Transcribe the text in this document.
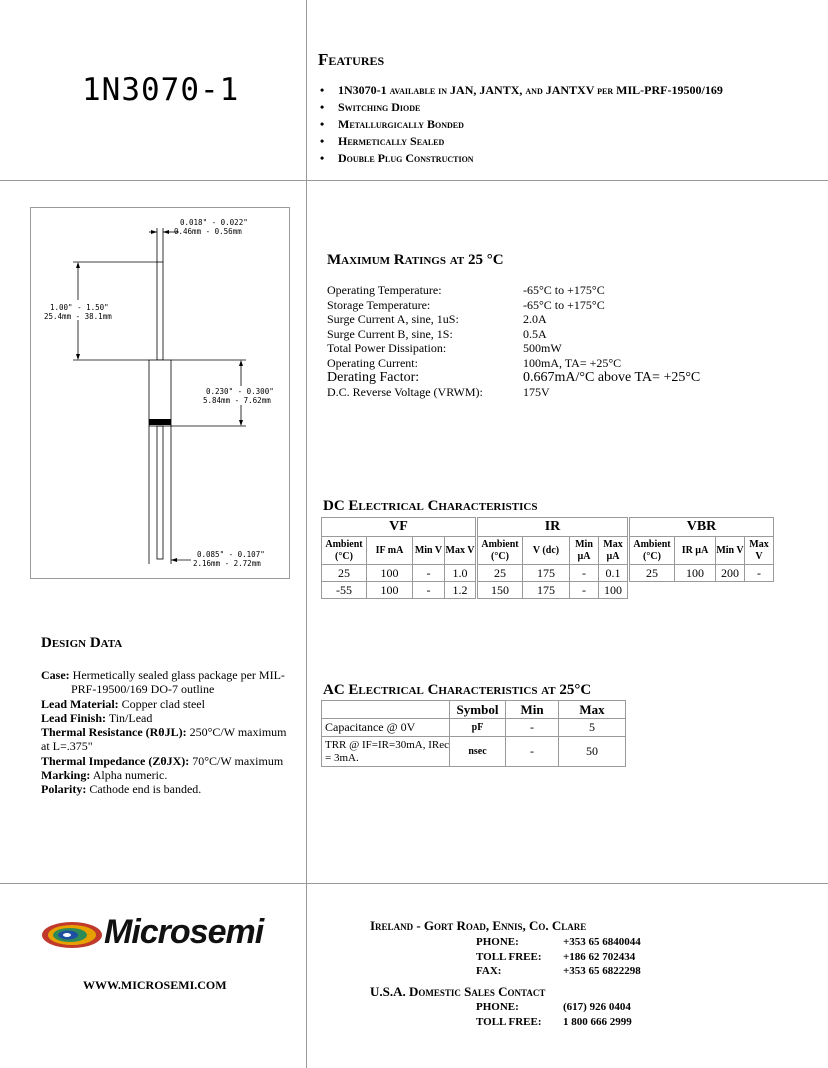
1N3070-1
Features
• 1N3070-1 available in JAN, JANTX, and JANTXV per MIL-PRF-19500/169
• Switching Diode
• Metallurgically Bonded
• Hermetically Sealed
• Double Plug Construction
0.018" - 0.022"
0.46mm - 0.56mm
1.00" - 1.50"
25.4mm - 38.1mm
0.230" - 0.300"
5.84mm - 7.62mm
0.085" - 0.107"
2.16mm - 2.72mm
Maximum Ratings at 25 °C
Operating Temperature:	-65°C to +175°C
Storage Temperature:	-65°C to +175°C
Surge Current A, sine, 1uS:	2.0A
Surge Current B, sine, 1S:	0.5A
Total Power Dissipation:	500mW
Operating Current:	100mA, TA= +25°C
Derating Factor:	0.667mA/°C above TA= +25°C
D.C. Reverse Voltage (VRWM):	175V
DC Electrical Characteristics
VF			
Ambient (°C)	IF mA	Min V	Max V
25	100	-	1.0
-55	100	-	1.2
IR			
Ambient (°C)	V (dc)	Min µA	Max µA
25	175	-	0.1
150	175	-	100
VBR			
Ambient (°C)	IR µA	Min V	Max V
25	100	200	-
Design Data

Case: Hermetically sealed glass package per MIL-

PRF-19500/169 DO-7 outline

Lead Material: Copper clad steel

Lead Finish: Tin/Lead

Thermal Resistance (RθJL): 250°C/W maximum

at L=.375"

Thermal Impedance (ZθJX): 70°C/W maximum

Marking: Alpha numeric.

Polarity: Cathode end is banded.

AC Electrical Characteristics at 25°C
	Symbol	Min	Max
Capacitance @ 0V	pF	-	5
TRR @ IF=IR=30mA, IRec = 3mA.	nsec	-	50
Microsemi
WWW.MICROSEMI.COM
Ireland - Gort Road, Ennis, Co. Clare
PHONE:	+353 65 6840044
TOLL FREE:	+186 62 702434
FAX:	+353 65 6822298
U.S.A. Domestic Sales Contact
PHONE:	(617) 926 0404
TOLL FREE:	1 800 666 2999
